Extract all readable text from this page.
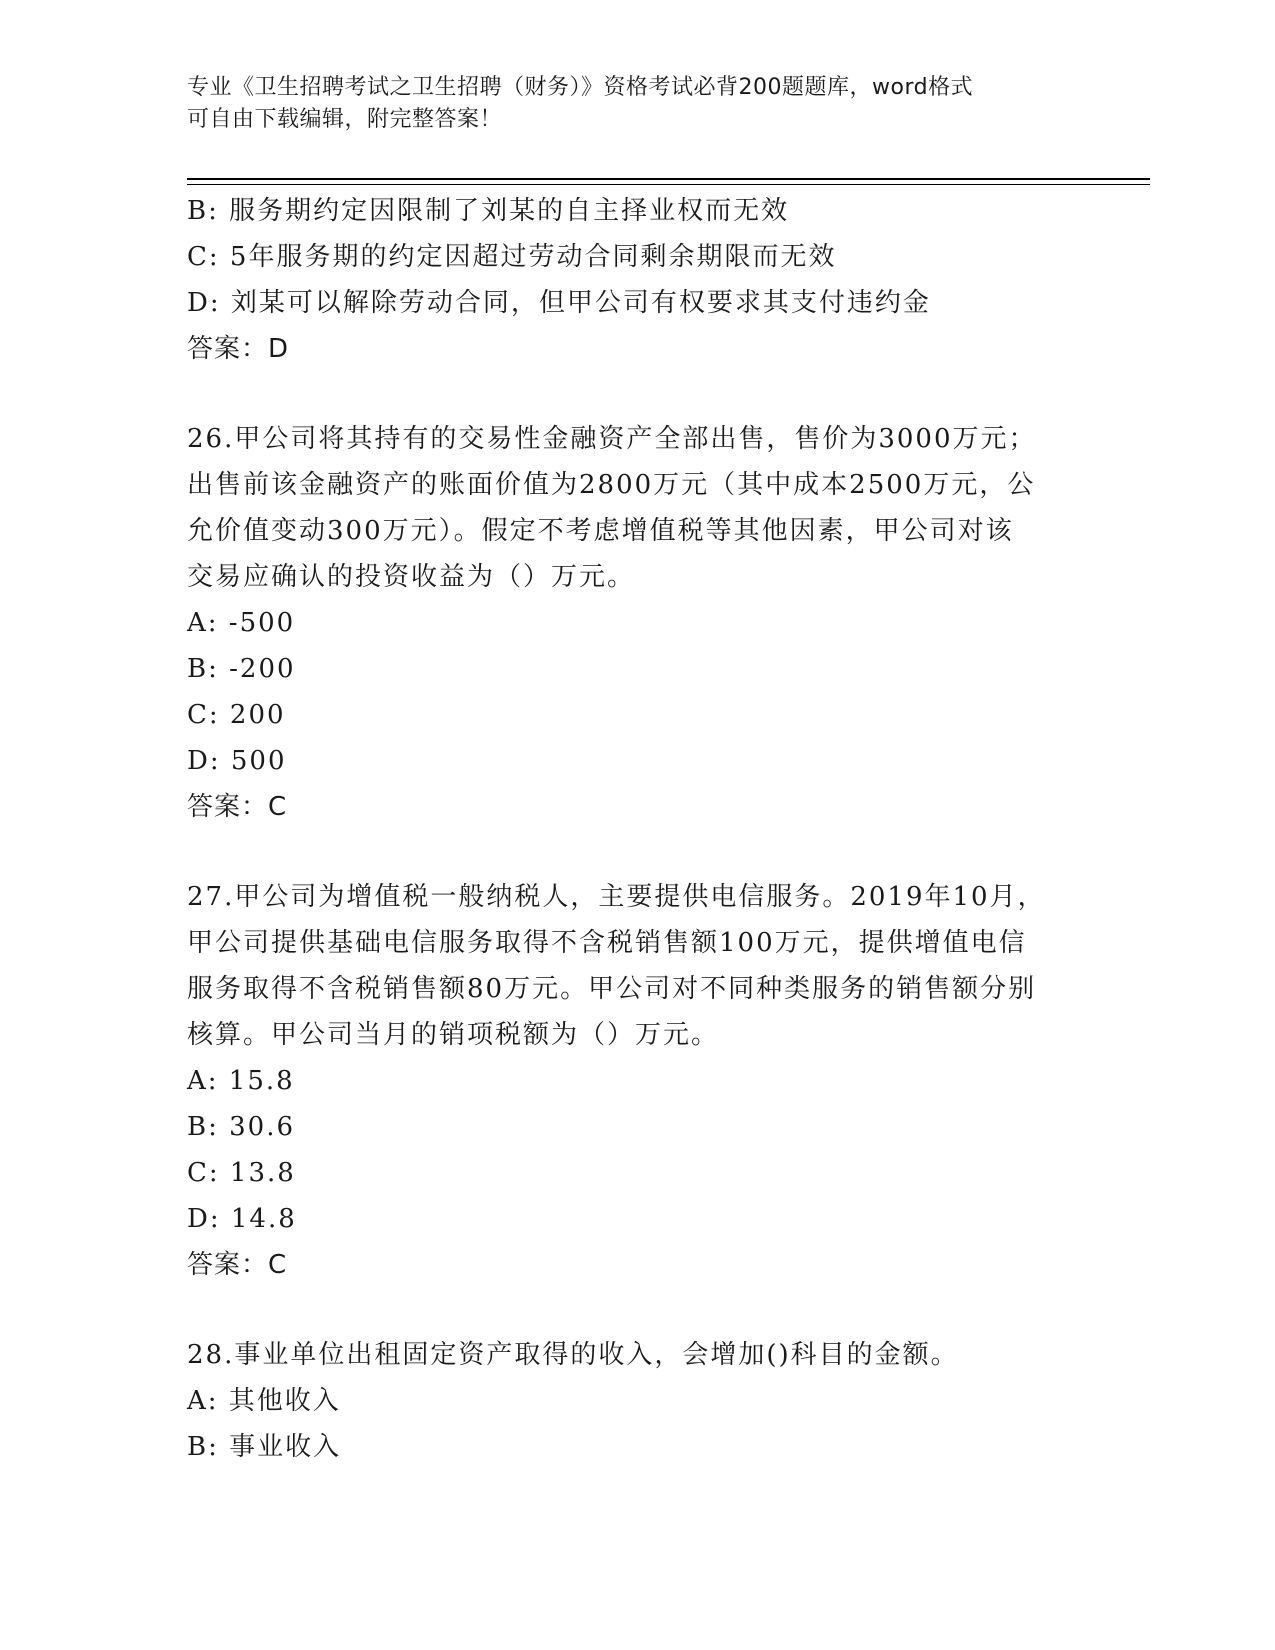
专业《卫生招聘考试之卫生招聘（财务）》资格考试必背200题题库，word格式
可自由下载编辑，附完整答案！
B: 服务期约定因限制了刘某的自主择业权而无效
C: 5年服务期的约定因超过劳动合同剩余期限而无效
D: 刘某可以解除劳动合同，但甲公司有权要求其支付违约金
答案：D
26.甲公司将其持有的交易性金融资产全部出售，售价为3000万元；
出售前该金融资产的账面价值为2800万元（其中成本2500万元，公
允价值变动300万元）。假定不考虑增值税等其他因素，甲公司对该
交易应确认的投资收益为（）万元。
A: -500
B: -200
C: 200
D: 500
答案：C
27.甲公司为增值税一般纳税人，主要提供电信服务。2019年10月，
甲公司提供基础电信服务取得不含税销售额100万元，提供增值电信
服务取得不含税销售额80万元。甲公司对不同种类服务的销售额分别
核算。甲公司当月的销项税额为（）万元。
A: 15.8
B: 30.6
C: 13.8
D: 14.8
答案：C
28.事业单位出租固定资产取得的收入，会增加()科目的金额。
A: 其他收入
B: 事业收入
